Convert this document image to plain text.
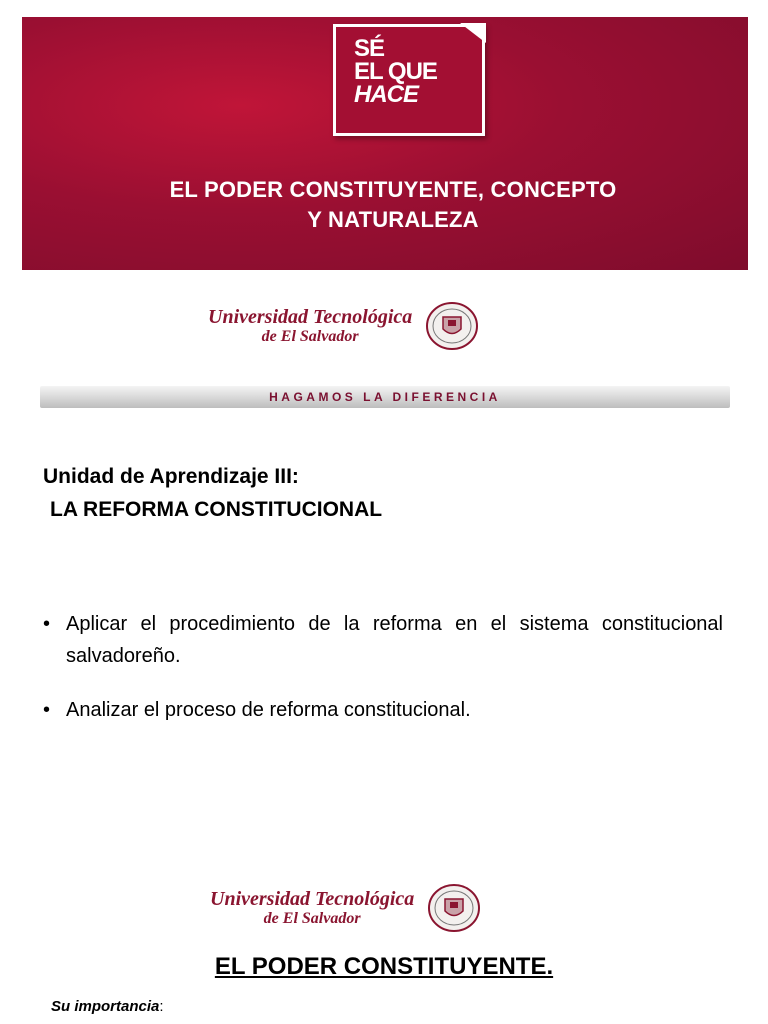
SÉ
EL QUE
HACE
EL PODER CONSTITUYENTE, CONCEPTO
Y NATURALEZA
Universidad Tecnológica
de El Salvador
HAGAMOS LA DIFERENCIA
Unidad de Aprendizaje III:
LA REFORMA CONSTITUCIONAL
• Aplicar el procedimiento de la reforma en el sistema constitucional salvadoreño.
• Analizar el proceso de reforma constitucional.
Universidad Tecnológica
de El Salvador
EL PODER CONSTITUYENTE.
Su importancia:
